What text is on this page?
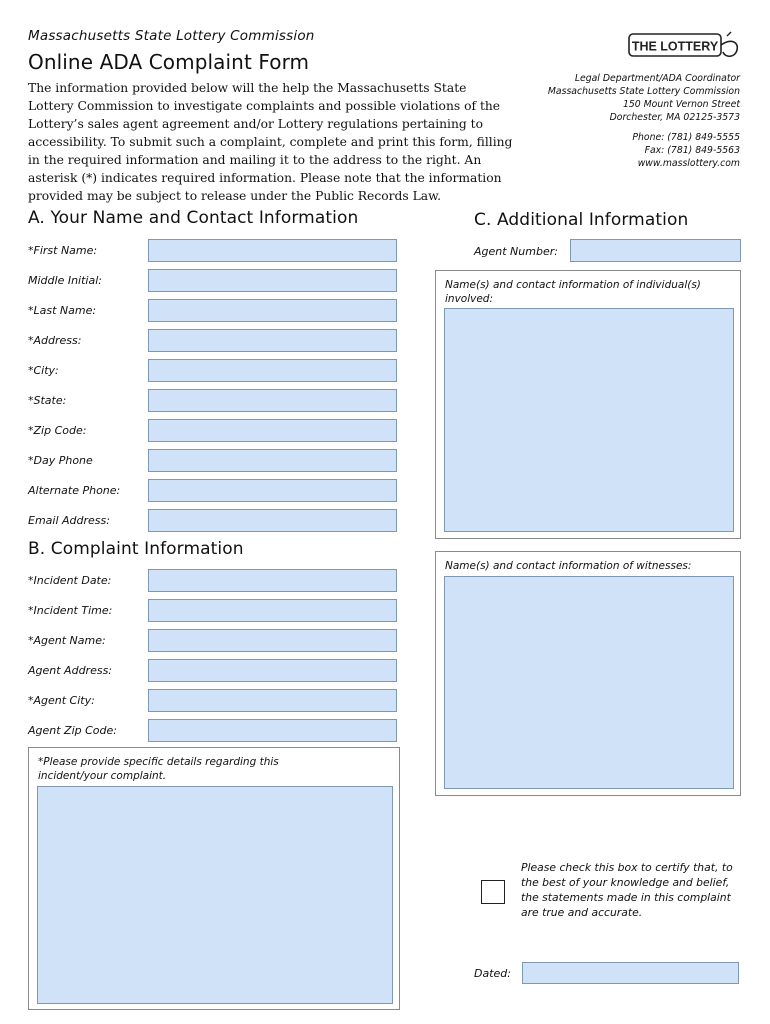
Massachusetts State Lottery Commission
Online ADA Complaint Form
The information provided below will the help the Massachusetts State Lottery Commission to investigate complaints and possible violations of the Lottery’s sales agent agreement and/or Lottery regulations pertaining to accessibility. To submit such a complaint, complete and print this form, filling in the required information and mailing it to the address to the right. An asterisk (*) indicates required information. Please note that the information provided may be subject to release under the Public Records Law.
THE LOTTERY
Legal Department/ADA Coordinator
Massachusetts State Lottery Commission
150 Mount Vernon Street
Dorchester, MA 02125-3573
Phone: (781) 849-5555
Fax: (781) 849-5563
www.masslottery.com
A. Your Name and Contact Information
*First Name:
Middle Initial:
*Last Name:
*Address:
*City:
*State:
*Zip Code:
*Day Phone
Alternate Phone:
Email Address:
B. Complaint Information
*Incident Date:
*Incident Time:
*Agent Name:
Agent Address:
*Agent City:
Agent Zip Code:
*Please provide specific details regarding this incident/your complaint.
C. Additional Information
Agent Number:
Name(s) and contact information of individual(s) involved:
Name(s) and contact information of witnesses:
Please check this box to certify that, to the best of your knowledge and belief, the statements made in this complaint are true and accurate.
Dated:
